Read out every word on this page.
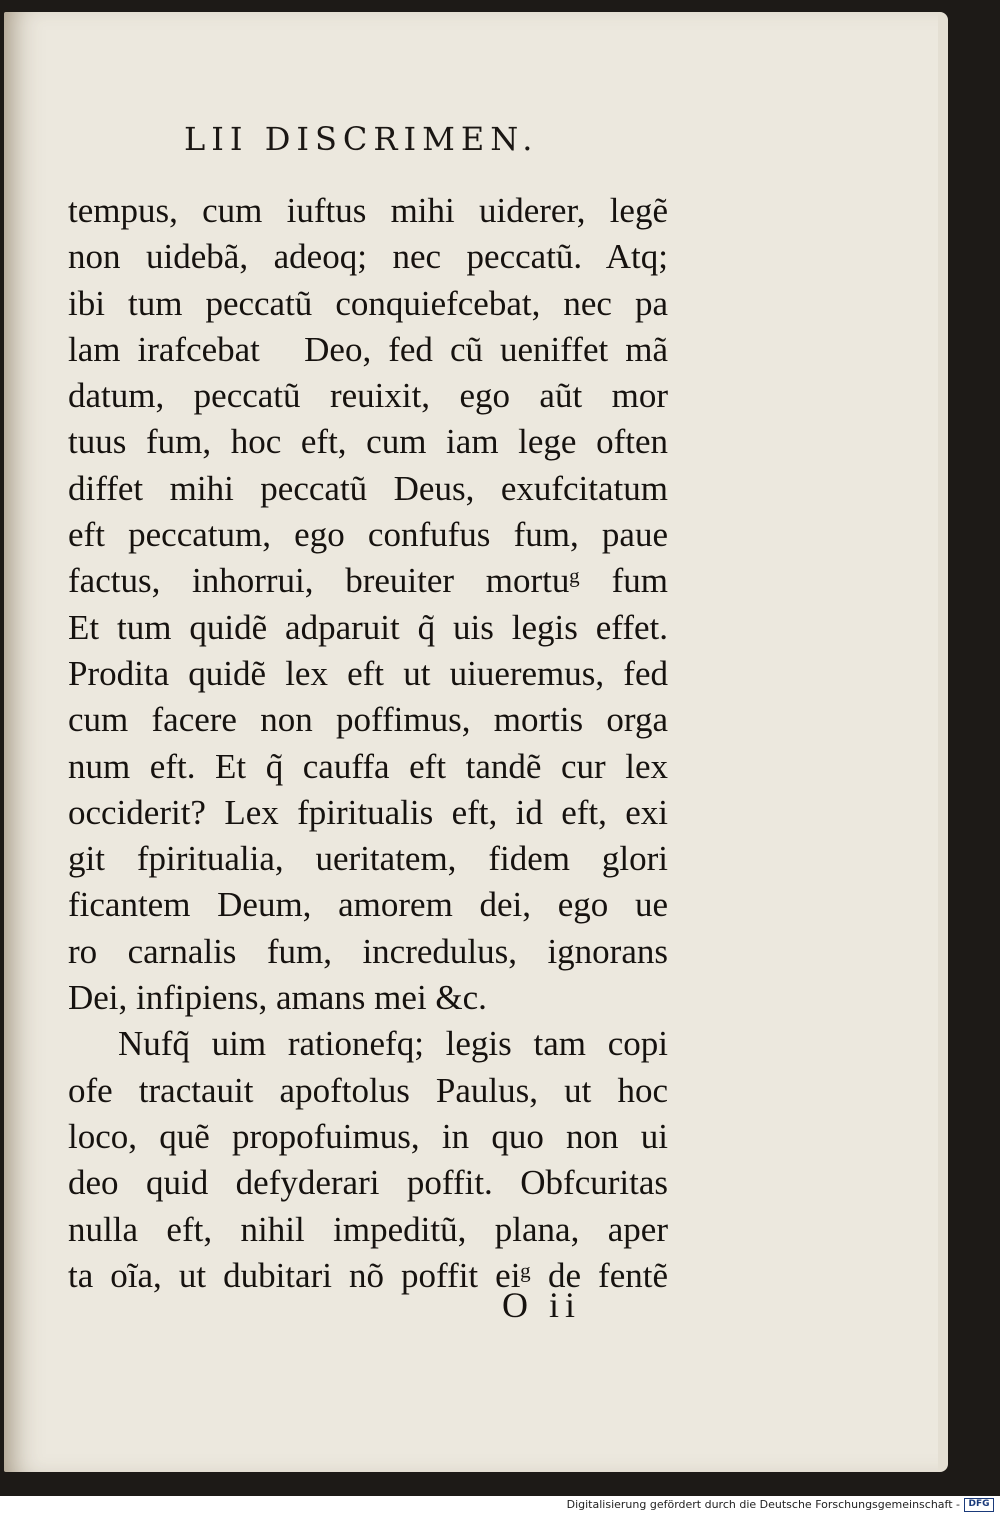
LII DISCRIMEN.
tempus, cum iuftus mihi uiderer, legẽ
non uidebã, adeoq; nec peccatũ. Atq;
ibi tum peccatũ conquiefcebat, nec pa
lam irafcebatᷣ Deo, fed cũ ueniffet mã
datum, peccatũ reuixit, ego aũt mor
tuus fum, hoc eft, cum iam lege often
diffet mihi peccatũ Deus, exufcitatum
eft peccatum, ego confufus fum, paue
factus, inhorrui, breuiter mortuᵍ fum
Et tum quidẽ adparuit q̃ uis legis effet.
Prodita quidẽ lex eft ut uiueremus, fed
cum facere non poffimus, mortis orga
num eft. Et q̃ cauffa eft tandẽ cur lex
occiderit? Lex fpiritualis eft, id eft, exi
git fpiritualia, ueritatem, fidem glori
ficantem Deum, amorem dei, ego ue
ro carnalis fum, incredulus, ignorans
Dei, infipiens, amans mei &c.
Nufq̃ uim rationefq; legis tam copi
ofe tractauit apoftolus Paulus, ut hoc
loco, quẽ propofuimus, in quo non ui
deo quid defyderari poffit. Obfcuritas
nulla eft, nihil impeditũ, plana, aper
ta oĩa, ut dubitari nõ poffit eiᵍ de fentẽ
O ii
Digitalisierung gefördert durch die Deutsche Forschungsgemeinschaft - DFG
